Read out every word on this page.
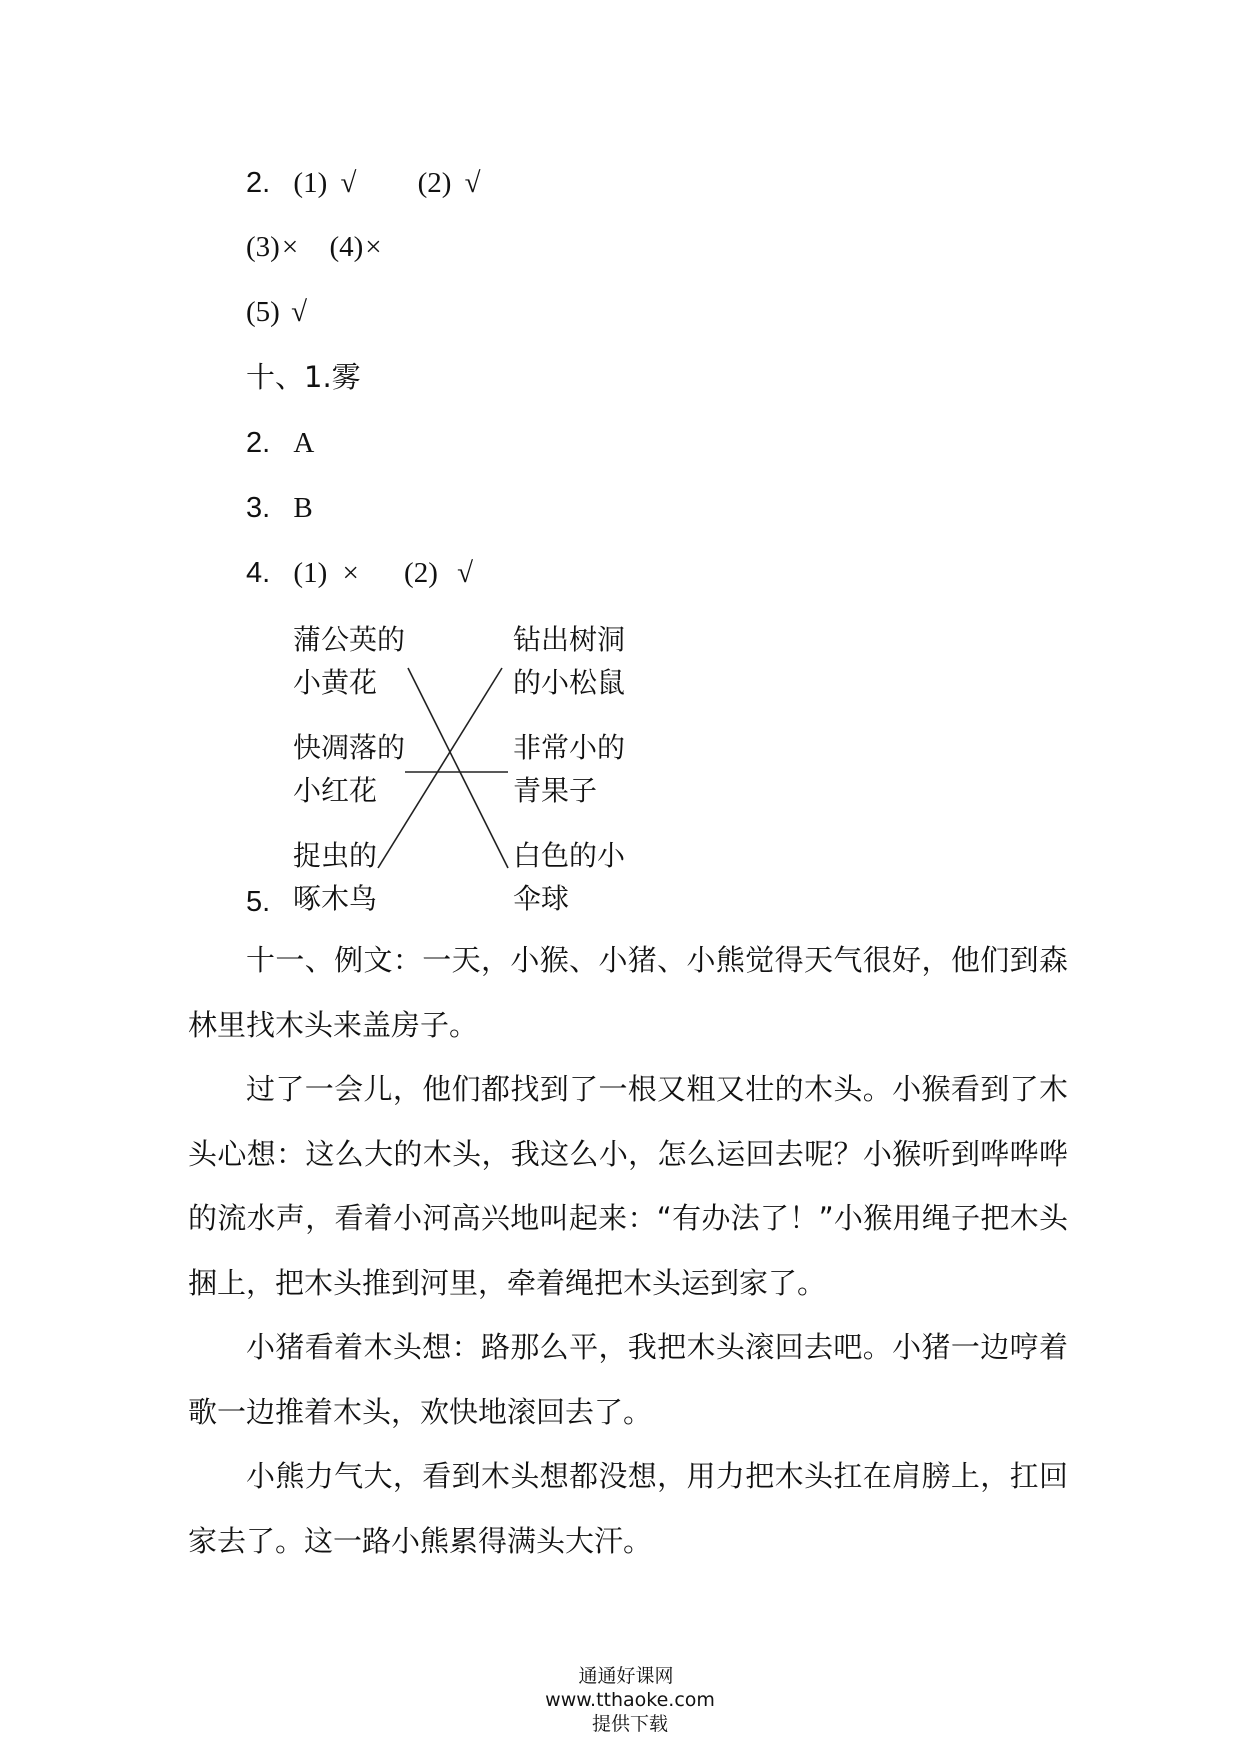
2. (1) √ (2) √
(3)× (4)×
(5) √
十、1.雾
2. A
3. B
4. (1) × (2) √
蒲公英的
小黄花
快凋落的
小红花
捉虫的
啄木鸟
钻出树洞
的小松鼠
非常小的
青果子
白色的小
伞球
5.
十一、例文：一天，小猴、小猪、小熊觉得天气很好，他们到森林里找木头来盖房子。
过了一会儿，他们都找到了一根又粗又壮的木头。小猴看到了木头心想：这么大的木头，我这么小，怎么运回去呢？小猴听到哗哗哗的流水声，看着小河高兴地叫起来：“有办法了！”小猴用绳子把木头捆上，把木头推到河里，牵着绳把木头运到家了。
小猪看着木头想：路那么平，我把木头滚回去吧。小猪一边哼着歌一边推着木头，欢快地滚回去了。
小熊力气大，看到木头想都没想，用力把木头扛在肩膀上，扛回家去了。这一路小熊累得满头大汗。

通通好课网
www.tthaoke.com
提供下载
